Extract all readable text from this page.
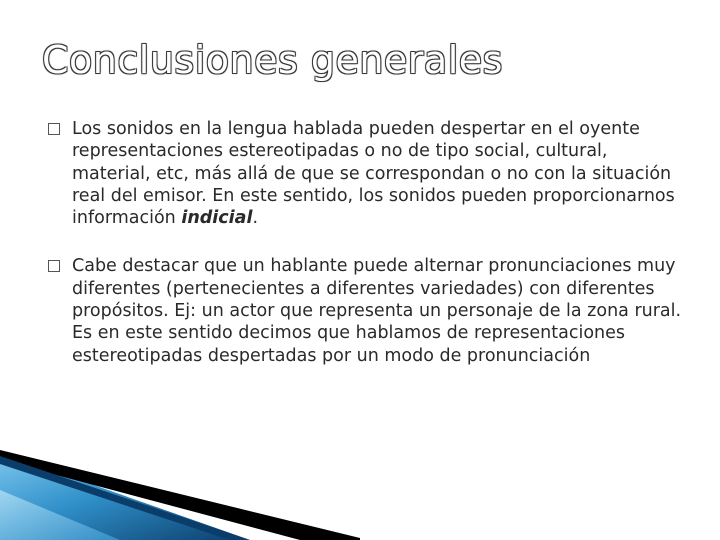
Conclusiones generales
Los sonidos en la lengua hablada pueden despertar en el oyente representaciones estereotipadas o no de tipo social, cultural, material, etc, más allá de que se correspondan o no con la situación real del emisor. En este sentido, los sonidos pueden proporcionarnos información indicial.
Cabe destacar que un hablante puede alternar pronunciaciones muy diferentes (pertenecientes a diferentes variedades) con diferentes propósitos. Ej: un actor que representa un personaje de la zona rural. Es en este sentido decimos que hablamos de representaciones estereotipadas despertadas por un modo de pronunciación
